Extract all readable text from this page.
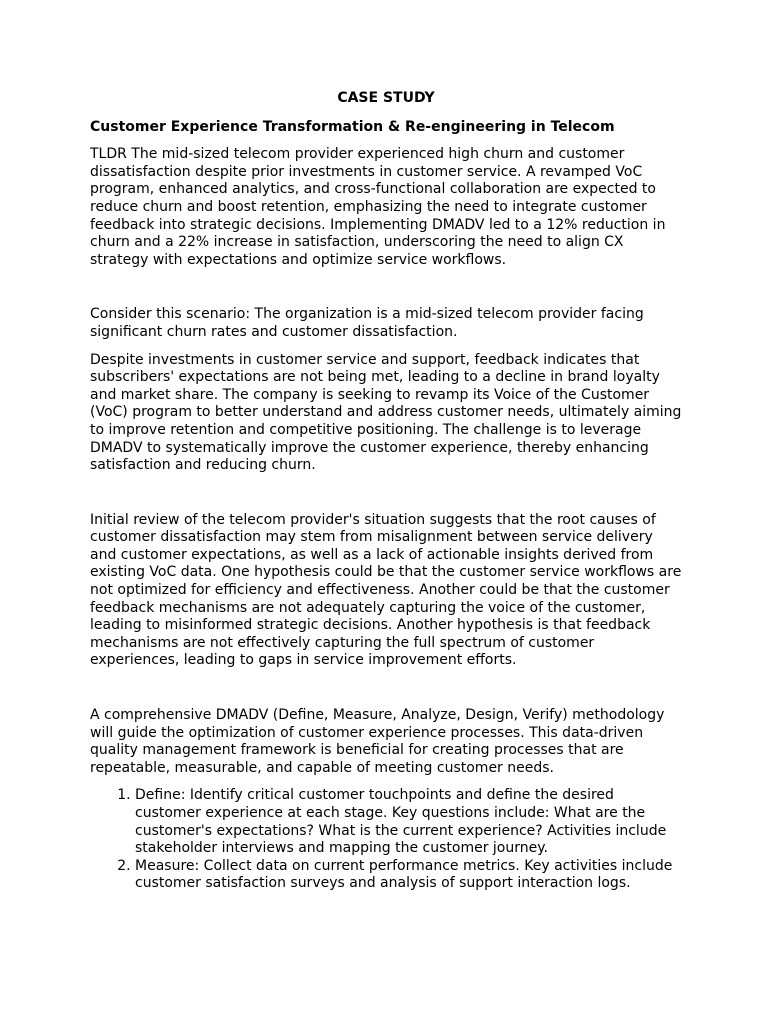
CASE STUDY

Customer Experience Transformation & Re-engineering in Telecom

TLDR The mid-sized telecom provider experienced high churn and customer dissatisfaction despite prior investments in customer service. A revamped VoC program, enhanced analytics, and cross-functional collaboration are expected to reduce churn and boost retention, emphasizing the need to integrate customer feedback into strategic decisions. Implementing DMADV led to a 12% reduction in churn and a 22% increase in satisfaction, underscoring the need to align CX strategy with expectations and optimize service workflows.

Consider this scenario: The organization is a mid-sized telecom provider facing significant churn rates and customer dissatisfaction.

Despite investments in customer service and support, feedback indicates that subscribers' expectations are not being met, leading to a decline in brand loyalty and market share. The company is seeking to revamp its Voice of the Customer (VoC) program to better understand and address customer needs, ultimately aiming to improve retention and competitive positioning. The challenge is to leverage DMADV to systematically improve the customer experience, thereby enhancing satisfaction and reducing churn.

Initial review of the telecom provider's situation suggests that the root causes of customer dissatisfaction may stem from misalignment between service delivery and customer expectations, as well as a lack of actionable insights derived from existing VoC data. One hypothesis could be that the customer service workflows are not optimized for efficiency and effectiveness. Another could be that the customer feedback mechanisms are not adequately capturing the voice of the customer, leading to misinformed strategic decisions. Another hypothesis is that feedback mechanisms are not effectively capturing the full spectrum of customer experiences, leading to gaps in service improvement efforts.

A comprehensive DMADV (Define, Measure, Analyze, Design, Verify) methodology will guide the optimization of customer experience processes. This data-driven quality management framework is beneficial for creating processes that are repeatable, measurable, and capable of meeting customer needs.

1. Define: Identify critical customer touchpoints and define the desired customer experience at each stage. Key questions include: What are the customer's expectations? What is the current experience? Activities include stakeholder interviews and mapping the customer journey.
2. Measure: Collect data on current performance metrics. Key activities include customer satisfaction surveys and analysis of support interaction logs.
